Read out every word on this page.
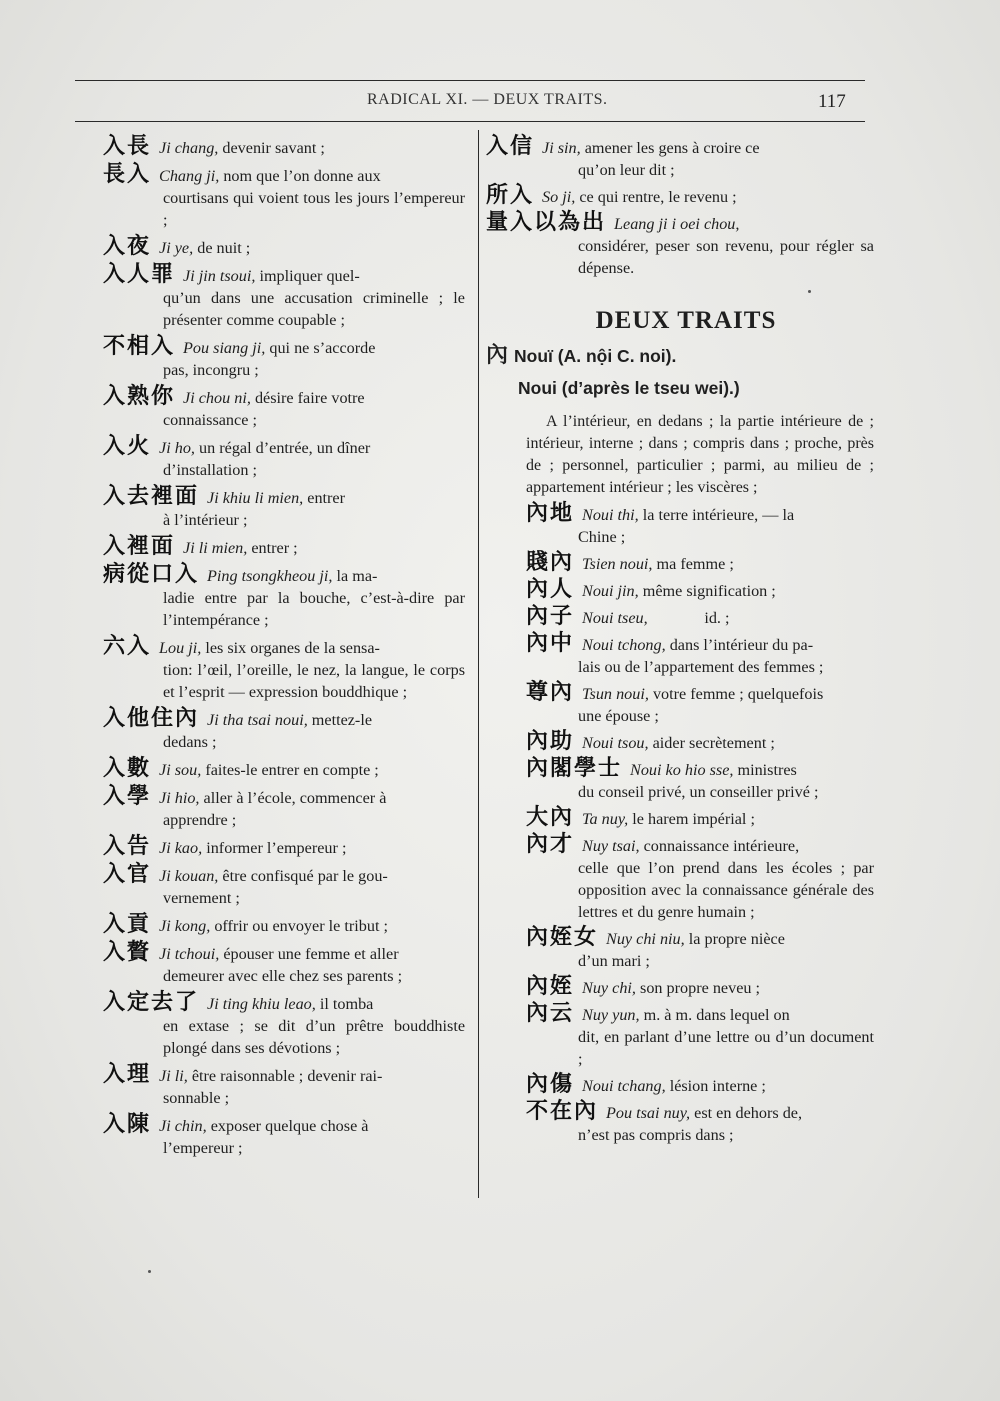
RADICAL XI. — DEUX TRAITS.	117
入長 Ji chang, devenir savant ;
長入 Chang ji, nom que l’on donne aux
courtisans qui voient tous les jours l’empereur ;
入夜 Ji ye, de nuit ;
入人罪 Ji jin tsoui, impliquer quel-
qu’un dans une accusation criminelle ; le présenter comme coupable ;
不相入 Pou siang ji, qui ne s’accorde
pas, incongru ;
入熟你 Ji chou ni, désire faire votre
connaissance ;
入火 Ji ho, un régal d’entrée, un dîner
d’installation ;
入去裡面 Ji khiu li mien, entrer
à l’intérieur ;
入裡面 Ji li mien, entrer ;
病從口入 Ping tsongkheou ji, la ma-
ladie entre par la bouche, c’est-à-dire par l’intempérance ;
六入 Lou ji, les six organes de la sensa-
tion: l’œil, l’oreille, le nez, la langue, le corps et l’esprit — expression bouddhique ;
入他住內 Ji tha tsai noui, mettez-le
dedans ;
入數 Ji sou, faites-le entrer en compte ;
入學 Ji hio, aller à l’école, commencer à
apprendre ;
入告 Ji kao, informer l’empereur ;
入官 Ji kouan, être confisqué par le gou-
vernement ;
入貢 Ji kong, offrir ou envoyer le tribut ;
入贅 Ji tchoui, épouser une femme et aller
demeurer avec elle chez ses parents ;
入定去了 Ji ting khiu leao, il tomba
en extase ; se dit d’un prêtre bouddhiste plongé dans ses dévotions ;
入理 Ji li, être raisonnable ; devenir rai-
sonnable ;
入陳 Ji chin, exposer quelque chose à
l’empereur ;
入信 Ji sin, amener les gens à croire ce
qu’on leur dit ;
所入 So ji, ce qui rentre, le revenu ;
量入以為出 Leang ji i oei chou,
considérer, peser son revenu, pour régler sa dépense.
DEUX TRAITS
內 Nouï (A. nội C. noi).
Noui (d’après le tseu wei).)
A l’intérieur, en dedans ; la partie intérieure de ; intérieur, interne ; dans ; compris dans ; proche, près de ; personnel, particulier ; parmi, au milieu de ; appartement intérieur ; les viscères ;
內地 Noui thi, la terre intérieure, — la
Chine ;
賤內 Tsien noui, ma femme ;
內人 Noui jin, même signification ;
內子 Noui tseu,              id. ;
內中 Noui tchong, dans l’intérieur du pa-
lais ou de l’appartement des femmes ;
尊內 Tsun noui, votre femme ; quelquefois
une épouse ;
內助 Noui tsou, aider secrètement ;
內閣學士 Noui ko hio sse, ministres
du conseil privé, un conseiller privé ;
大內 Ta nuy, le harem impérial ;
內才 Nuy tsai, connaissance intérieure,
celle que l’on prend dans les écoles ; par opposition avec la connaissance générale des lettres et du genre humain ;
內姪女 Nuy chi niu, la propre nièce
d’un mari ;
內姪 Nuy chi, son propre neveu ;
內云 Nuy yun, m. à m. dans lequel on
dit, en parlant d’une lettre ou d’un document ;
內傷 Noui tchang, lésion interne ;
不在內 Pou tsai nuy, est en dehors de,
n’est pas compris dans ;
